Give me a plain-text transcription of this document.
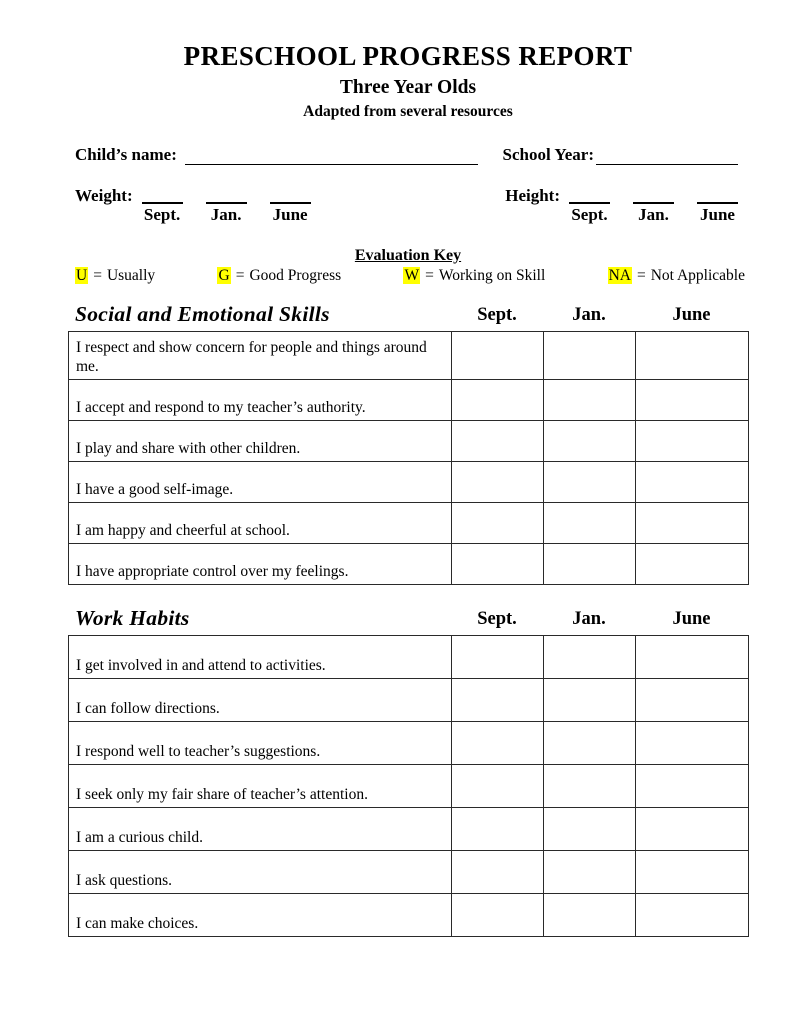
PRESCHOOL PROGRESS REPORT
Three Year Olds
Adapted from several resources
Child’s name:	School Year:
Weight:
Sept. Jan. June
Height:
Sept. Jan. June
Evaluation Key
U = Usually	G = Good Progress	W = Working on Skill	NA = Not Applicable
Social and Emotional Skills	Sept.	Jan.	June
I respect and show concern for people and things around me.			
I accept and respond to my teacher’s authority.			
I play and share with other children.			
I have a good self-image.			
I am happy and cheerful at school.			
I have appropriate control over my feelings.			
Work Habits	Sept.	Jan.	June
I get involved in and attend to activities.			
I can follow directions.			
I respond well to teacher’s suggestions.			
I seek only my fair share of teacher’s attention.			
I am a curious child.			
I ask questions.			
I can make choices.			
